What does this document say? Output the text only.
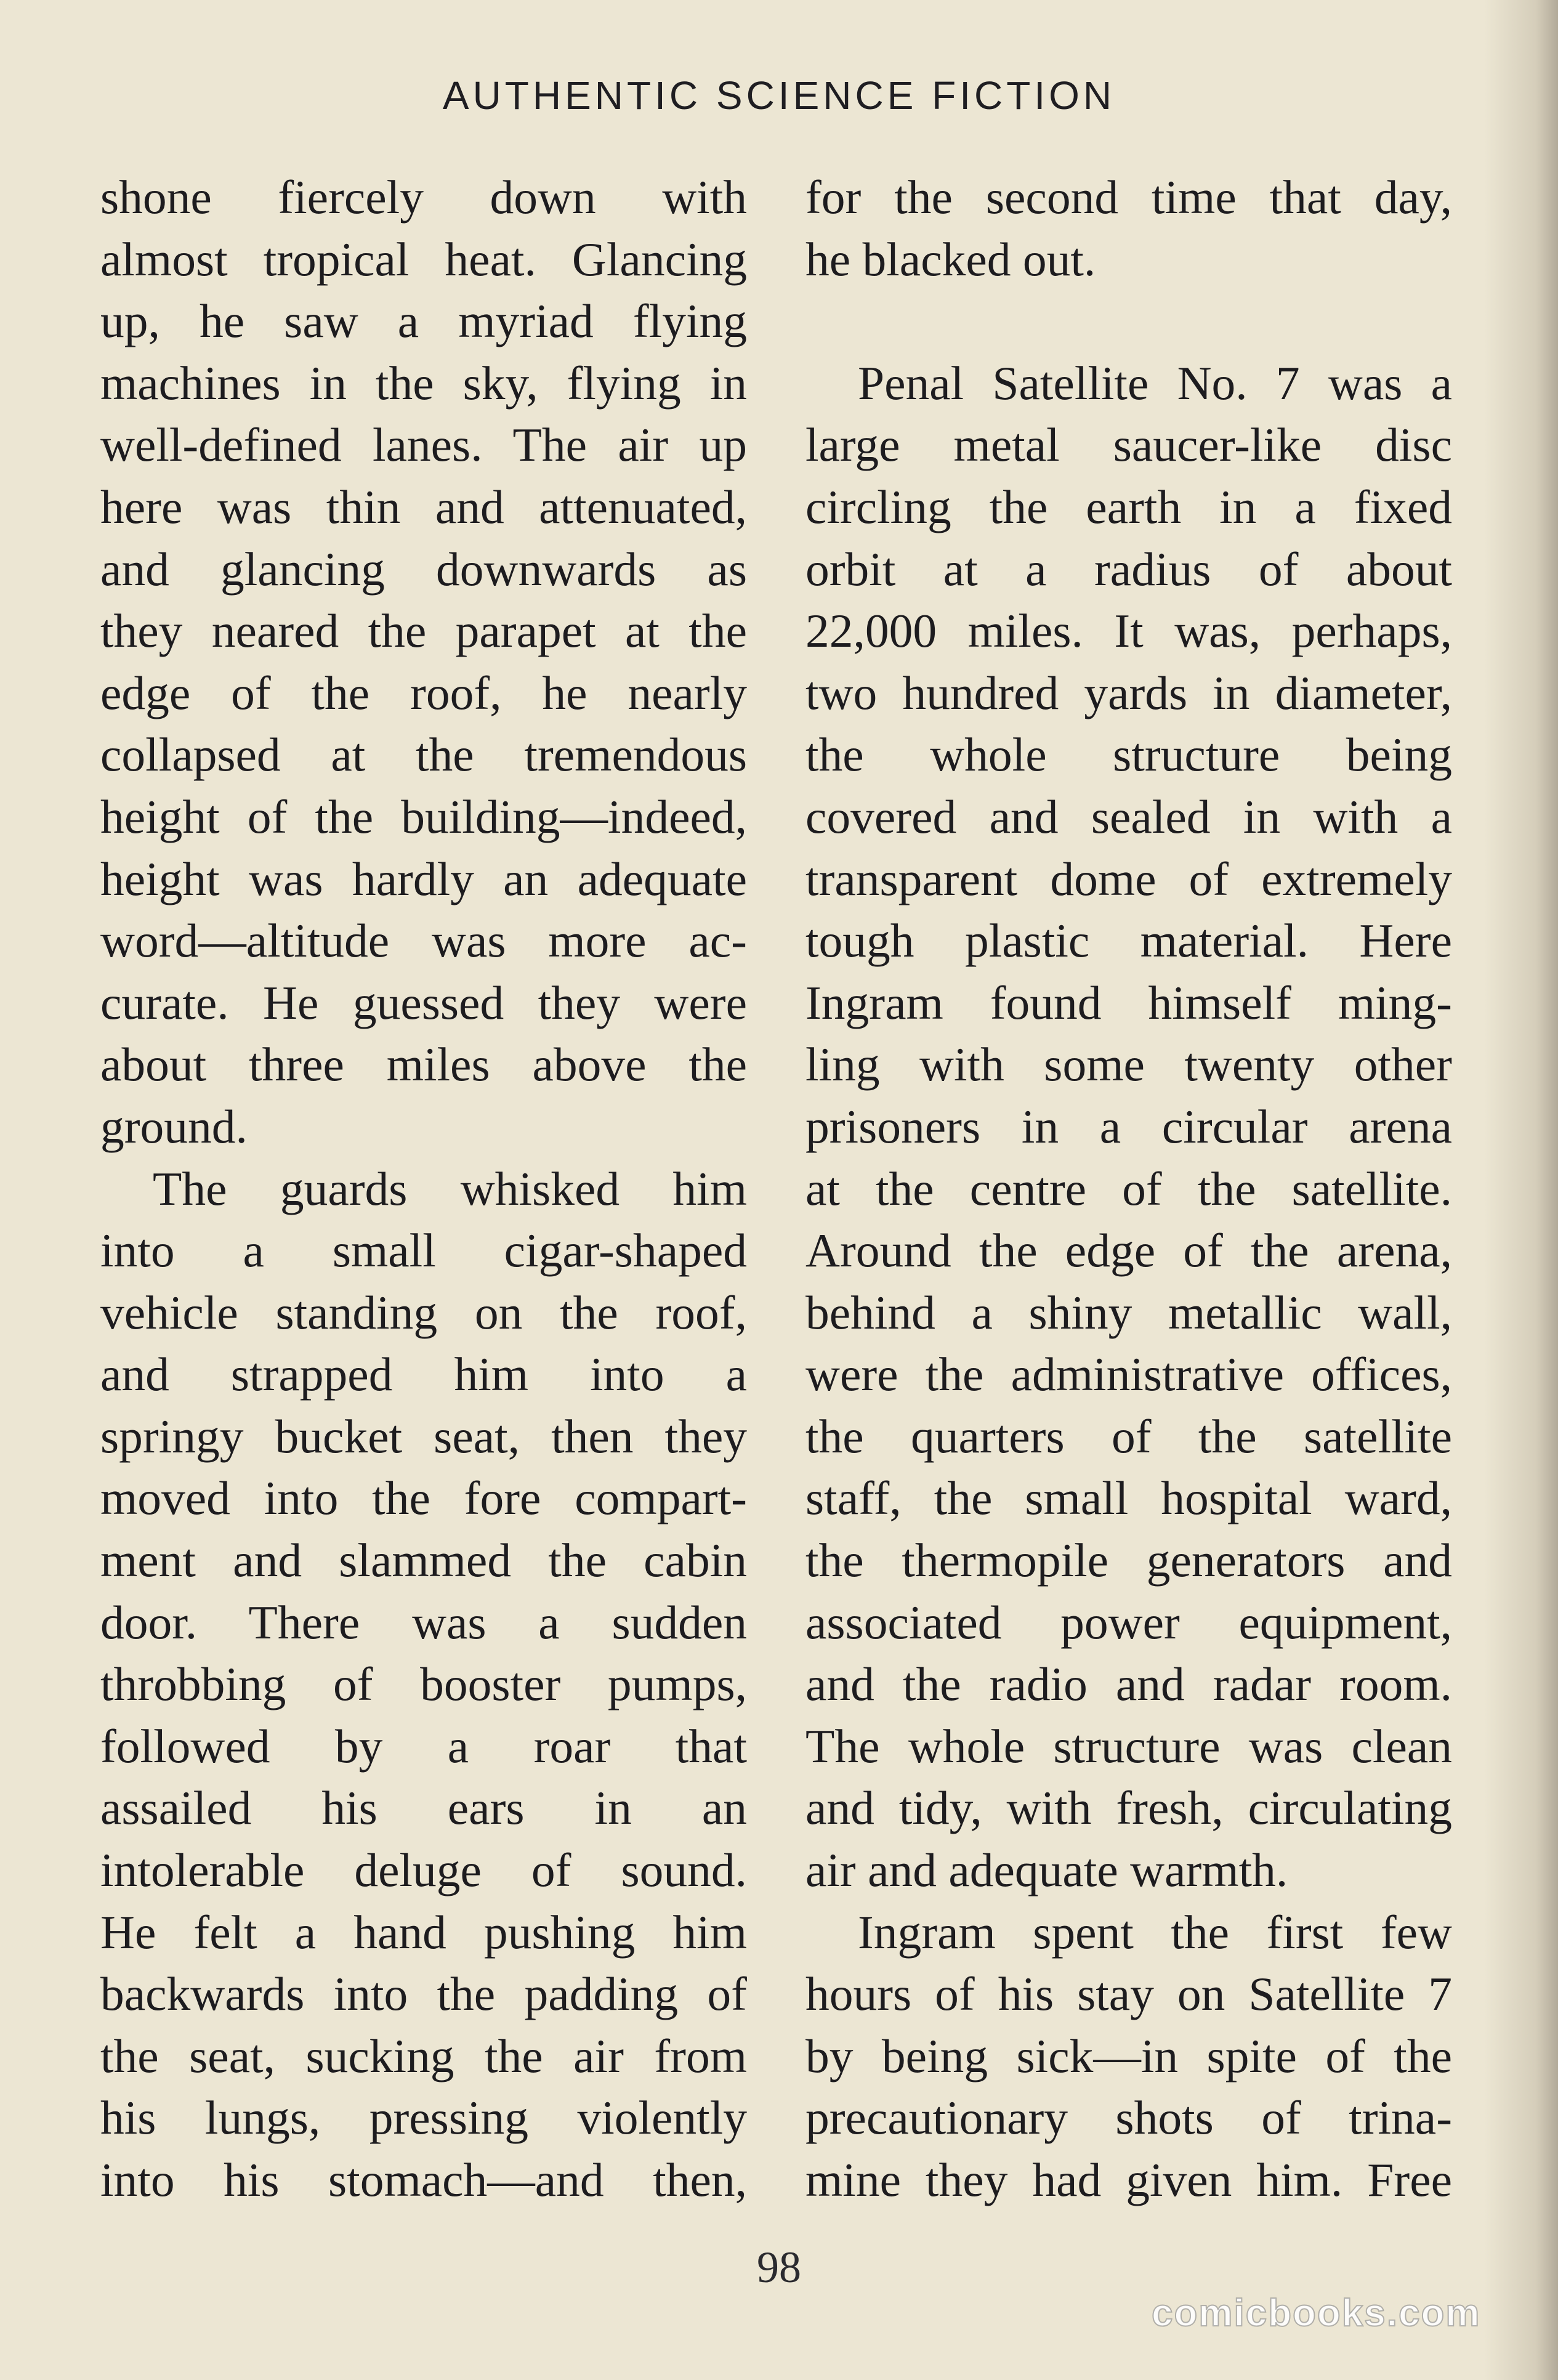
AUTHENTIC SCIENCE FICTION
shone fiercely down with
almost tropical heat. Glancing
up, he saw a myriad flying
machines in the sky, flying in
well-defined lanes. The air up
here was thin and attenuated,
and glancing downwards as
they neared the parapet at the
edge of the roof, he nearly
collapsed at the tremendous
height of the building—indeed,
height was hardly an adequate
word—altitude was more ac-
curate. He guessed they were
about three miles above the
ground.
The guards whisked him
into a small cigar-shaped
vehicle standing on the roof,
and strapped him into a
springy bucket seat, then they
moved into the fore compart-
ment and slammed the cabin
door. There was a sudden
throbbing of booster pumps,
followed by a roar that
assailed his ears in an
intolerable deluge of sound.
He felt a hand pushing him
backwards into the padding of
the seat, sucking the air from
his lungs, pressing violently
into his stomach—and then,
for the second time that day,
he blacked out.
Penal Satellite No. 7 was a
large metal saucer-like disc
circling the earth in a fixed
orbit at a radius of about
22,000 miles. It was, perhaps,
two hundred yards in diameter,
the whole structure being
covered and sealed in with a
transparent dome of extremely
tough plastic material. Here
Ingram found himself ming-
ling with some twenty other
prisoners in a circular arena
at the centre of the satellite.
Around the edge of the arena,
behind a shiny metallic wall,
were the administrative offices,
the quarters of the satellite
staff, the small hospital ward,
the thermopile generators and
associated power equipment,
and the radio and radar room.
The whole structure was clean
and tidy, with fresh, circulating
air and adequate warmth.
Ingram spent the first few
hours of his stay on Satellite 7
by being sick—in spite of the
precautionary shots of trina-
mine they had given him. Free
98
comicbooks.com
